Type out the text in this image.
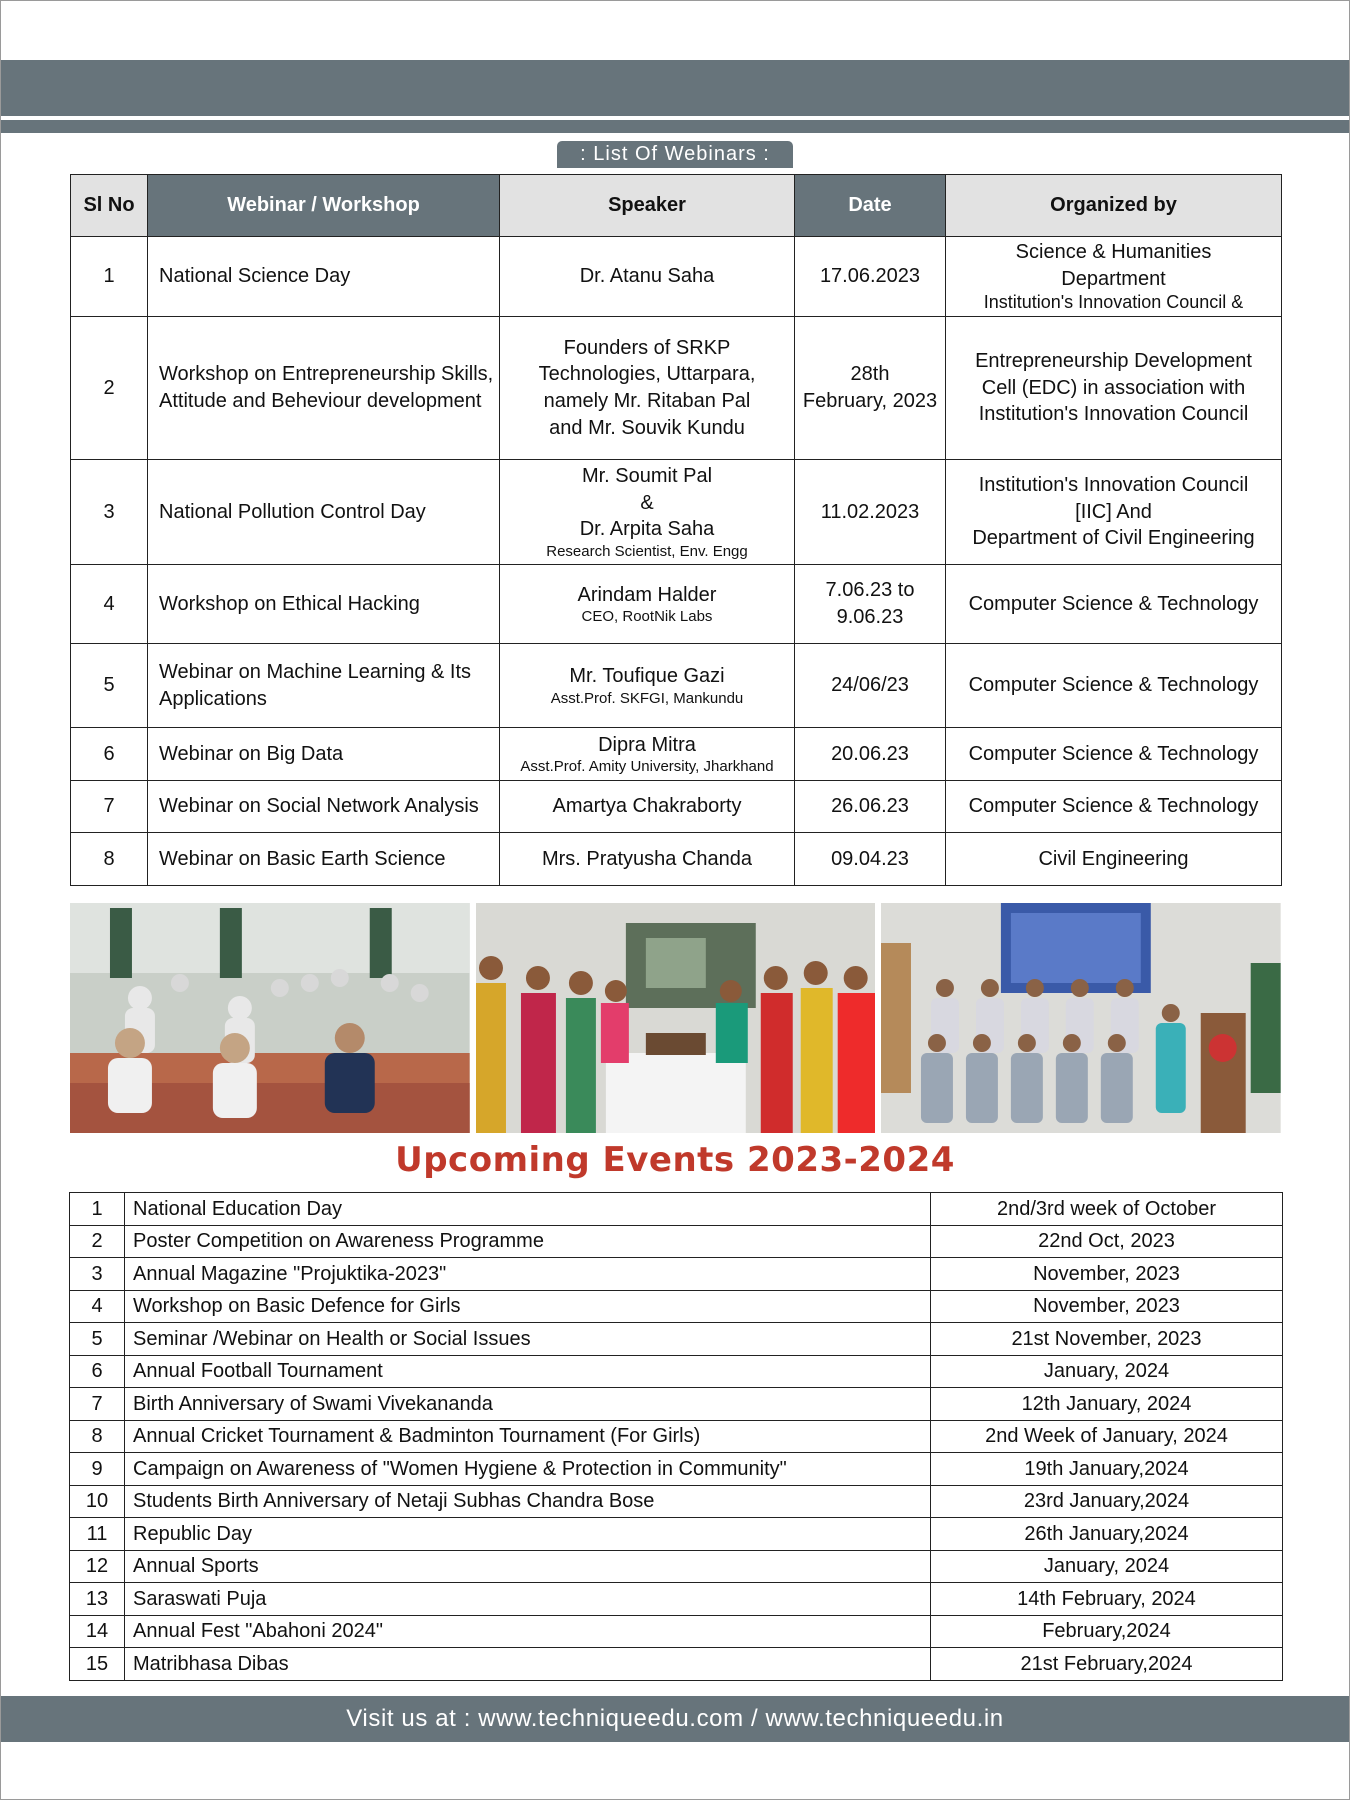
: List Of Webinars :
Sl No	Webinar / Workshop	Speaker	Date	Organized by
1	National Science Day	Dr. Atanu Saha	17.06.2023	Science & Humanities
Department
Institution's Innovation Council &

2	Workshop on Entrepreneurship Skills,
Attitude and Beheviour development	Founders of SRKP
Technologies, Uttarpara,
namely Mr. Ritaban Pal
and Mr. Souvik Kundu	28th
February, 2023	Entrepreneurship Development
Cell (EDC) in association with
Institution's Innovation Council

3	National Pollution Control Day	Mr. Soumit Pal
&
Dr. Arpita Saha
Research Scientist, Env. Engg	11.02.2023	Institution's Innovation Council
[IIC] And
Department of Civil Engineering

4	Workshop on Ethical Hacking	Arindam Halder
CEO, RootNik Labs	7.06.23 to
9.06.23	Computer Science & Technology

5	Webinar on Machine Learning & Its
Applications	Mr. Toufique Gazi
Asst.Prof. SKFGI, Mankundu	24/06/23	Computer Science & Technology

6	Webinar on Big Data	Dipra Mitra
Asst.Prof. Amity University, Jharkhand	20.06.23	Computer Science & Technology

7	Webinar on Social Network Analysis	Amartya Chakraborty	26.06.23	Computer Science & Technology

8	Webinar on Basic Earth Science	Mrs. Pratyusha Chanda	09.04.23	Civil Engineering
Upcoming Events 2023-2024
1	National Education Day	2nd/3rd week of October
2	Poster Competition on Awareness Programme	22nd Oct, 2023
3	Annual Magazine "Projuktika-2023"	November, 2023
4	Workshop on Basic Defence for Girls	November, 2023
5	Seminar /Webinar on Health or Social Issues	21st November, 2023
6	Annual Football Tournament	January, 2024
7	Birth Anniversary of Swami Vivekananda	12th January, 2024
8	Annual Cricket Tournament & Badminton Tournament (For Girls)	2nd Week of January, 2024
9	Campaign on Awareness of "Women Hygiene & Protection in Community"	19th January,2024
10	Students Birth Anniversary of Netaji Subhas Chandra Bose	23rd January,2024
11	Republic Day	26th January,2024
12	Annual Sports	January, 2024
13	Saraswati Puja	14th February, 2024
14	Annual Fest "Abahoni 2024"	February,2024
15	Matribhasa Dibas	21st February,2024
Visit us at : www.techniqueedu.com / www.techniqueedu.in
